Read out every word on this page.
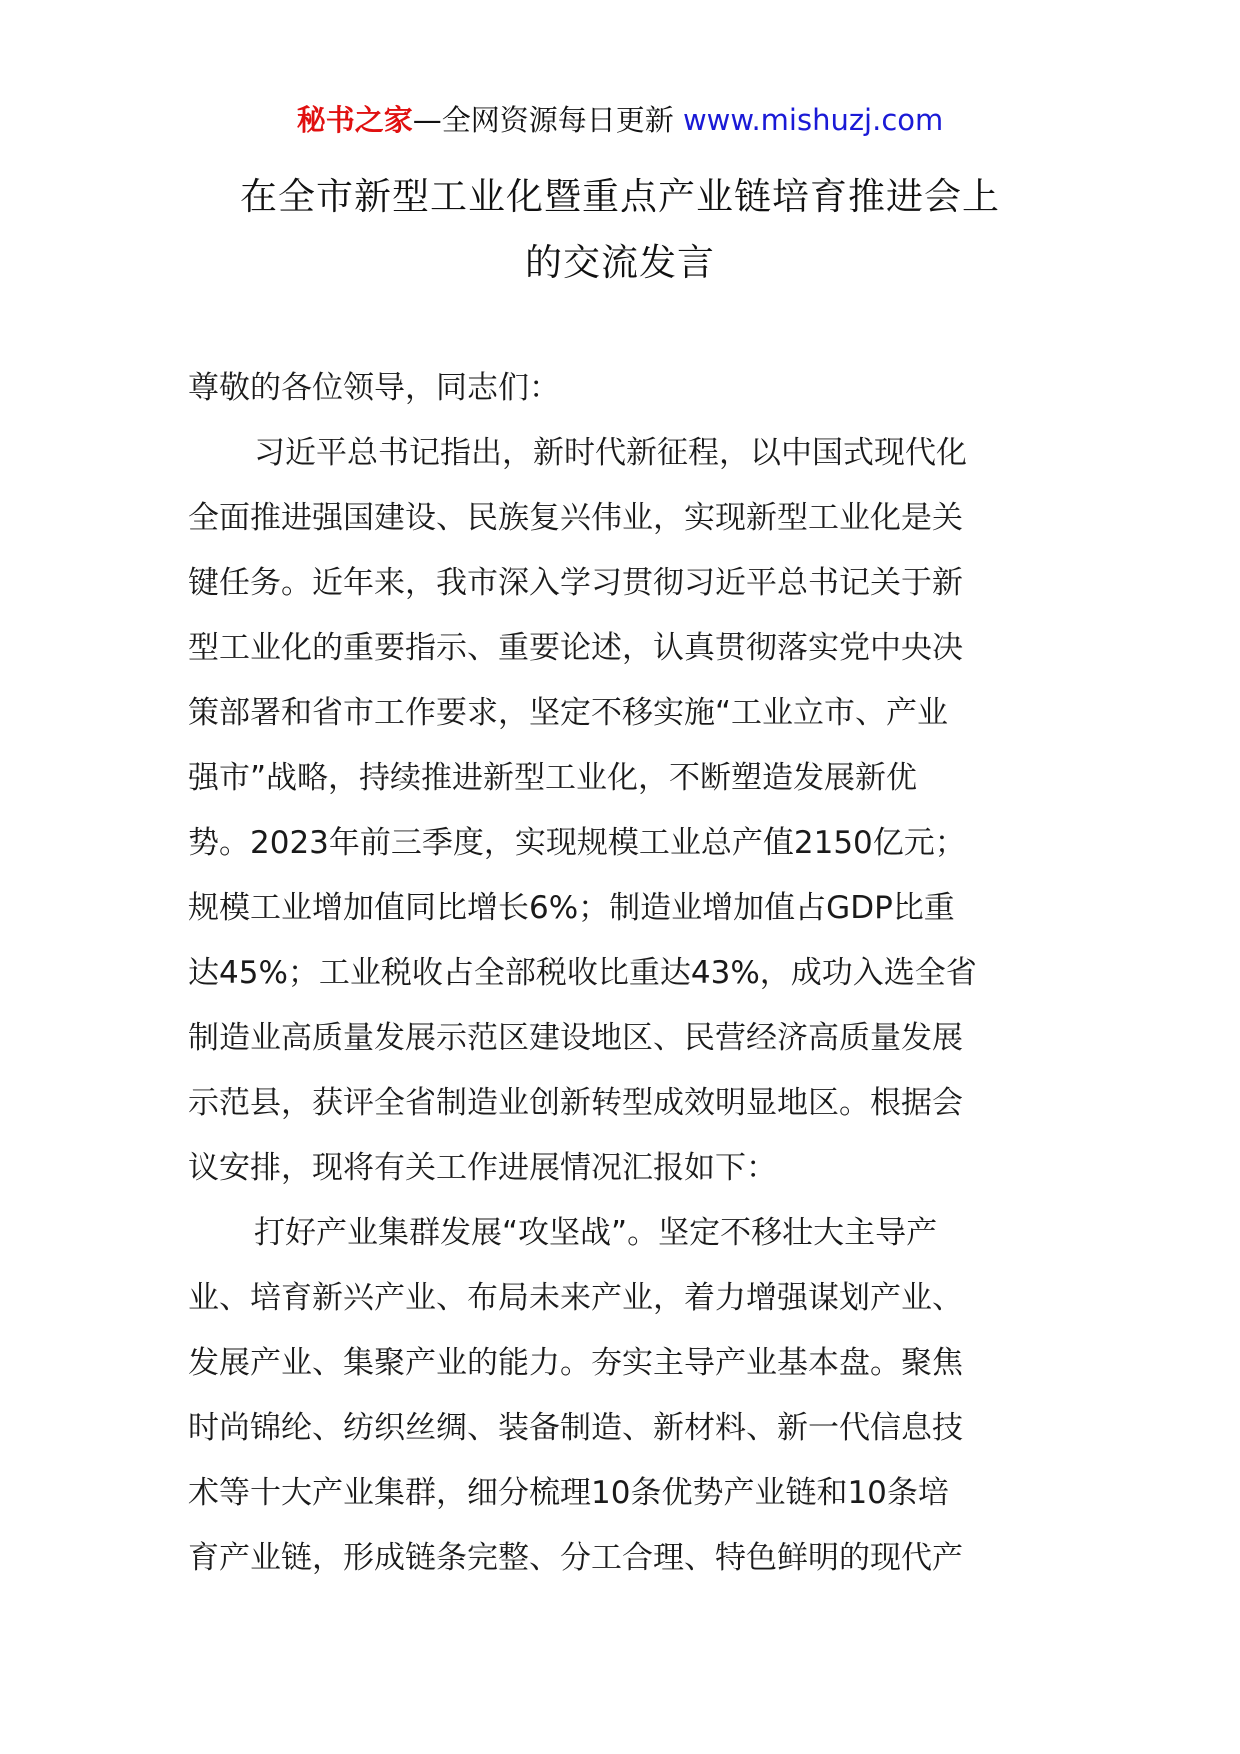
秘书之家—全网资源每日更新 www.mishuzj.com
在全市新型工业化暨重点产业链培育推进会上
的交流发言
尊敬的各位领导，同志们：
习近平总书记指出，新时代新征程，以中国式现代化
全面推进强国建设、民族复兴伟业，实现新型工业化是关
键任务。近年来，我市深入学习贯彻习近平总书记关于新
型工业化的重要指示、重要论述，认真贯彻落实党中央决
策部署和省市工作要求，坚定不移实施“工业立市、产业
强市”战略，持续推进新型工业化，不断塑造发展新优
势。2023年前三季度，实现规模工业总产值2150亿元；
规模工业增加值同比增长6%；制造业增加值占GDP比重
达45%；工业税收占全部税收比重达43%，成功入选全省
制造业高质量发展示范区建设地区、民营经济高质量发展
示范县，获评全省制造业创新转型成效明显地区。根据会
议安排，现将有关工作进展情况汇报如下：
打好产业集群发展“攻坚战”。坚定不移壮大主导产
业、培育新兴产业、布局未来产业，着力增强谋划产业、
发展产业、集聚产业的能力。夯实主导产业基本盘。聚焦
时尚锦纶、纺织丝绸、装备制造、新材料、新一代信息技
术等十大产业集群，细分梳理10条优势产业链和10条培
育产业链，形成链条完整、分工合理、特色鲜明的现代产
